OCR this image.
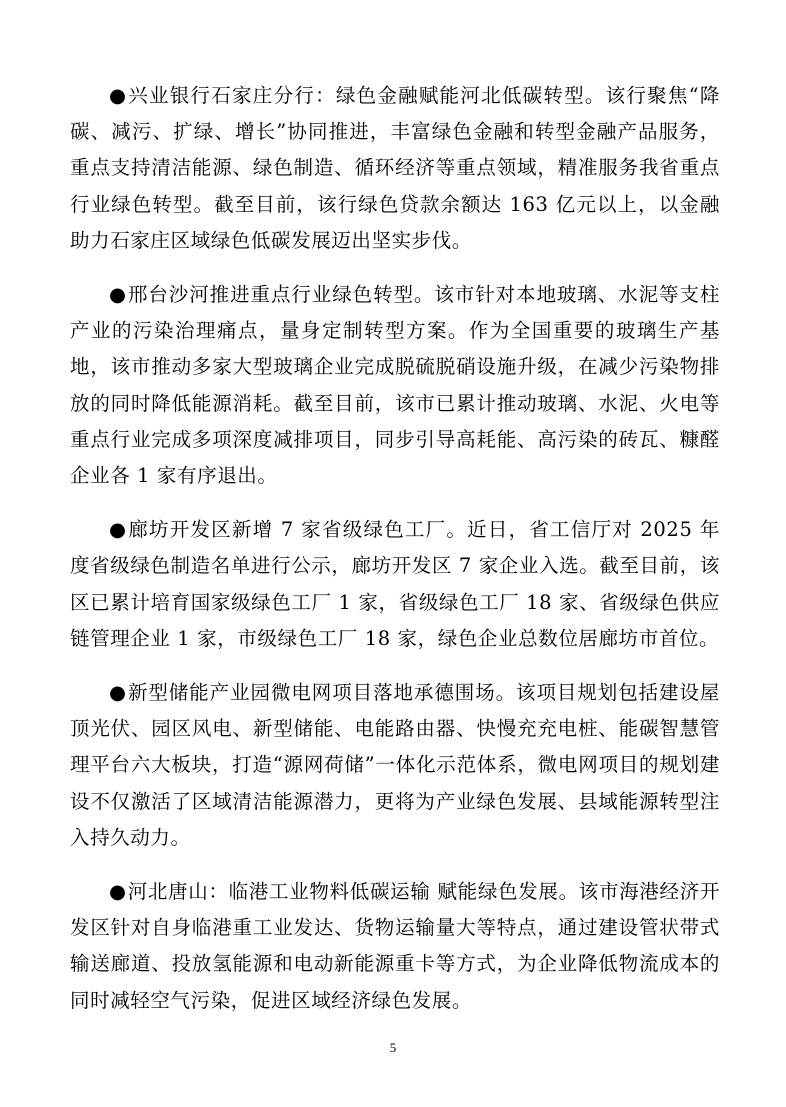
●兴业银行石家庄分行：绿色金融赋能河北低碳转型。该行聚焦“降碳、减污、扩绿、增长”协同推进，丰富绿色金融和转型金融产品服务，重点支持清洁能源、绿色制造、循环经济等重点领域，精准服务我省重点行业绿色转型。截至目前，该行绿色贷款余额达 163 亿元以上，以金融助力石家庄区域绿色低碳发展迈出坚实步伐。

●邢台沙河推进重点行业绿色转型。该市针对本地玻璃、水泥等支柱产业的污染治理痛点，量身定制转型方案。作为全国重要的玻璃生产基地，该市推动多家大型玻璃企业完成脱硫脱硝设施升级，在减少污染物排放的同时降低能源消耗。截至目前，该市已累计推动玻璃、水泥、火电等重点行业完成多项深度减排项目，同步引导高耗能、高污染的砖瓦、糠醛企业各 1 家有序退出。

●廊坊开发区新增 7 家省级绿色工厂。近日，省工信厅对 2025 年度省级绿色制造名单进行公示，廊坊开发区 7 家企业入选。截至目前，该区已累计培育国家级绿色工厂 1 家，省级绿色工厂 18 家、省级绿色供应链管理企业 1 家，市级绿色工厂 18 家，绿色企业总数位居廊坊市首位。

●新型储能产业园微电网项目落地承德围场。该项目规划包括建设屋顶光伏、园区风电、新型储能、电能路由器、快慢充充电桩、能碳智慧管理平台六大板块，打造“源网荷储”一体化示范体系，微电网项目的规划建设不仅激活了区域清洁能源潜力，更将为产业绿色发展、县域能源转型注入持久动力。

●河北唐山：临港工业物料低碳运输 赋能绿色发展。该市海港经济开发区针对自身临港重工业发达、货物运输量大等特点，通过建设管状带式输送廊道、投放氢能源和电动新能源重卡等方式，为企业降低物流成本的同时减轻空气污染，促进区域经济绿色发展。

5
